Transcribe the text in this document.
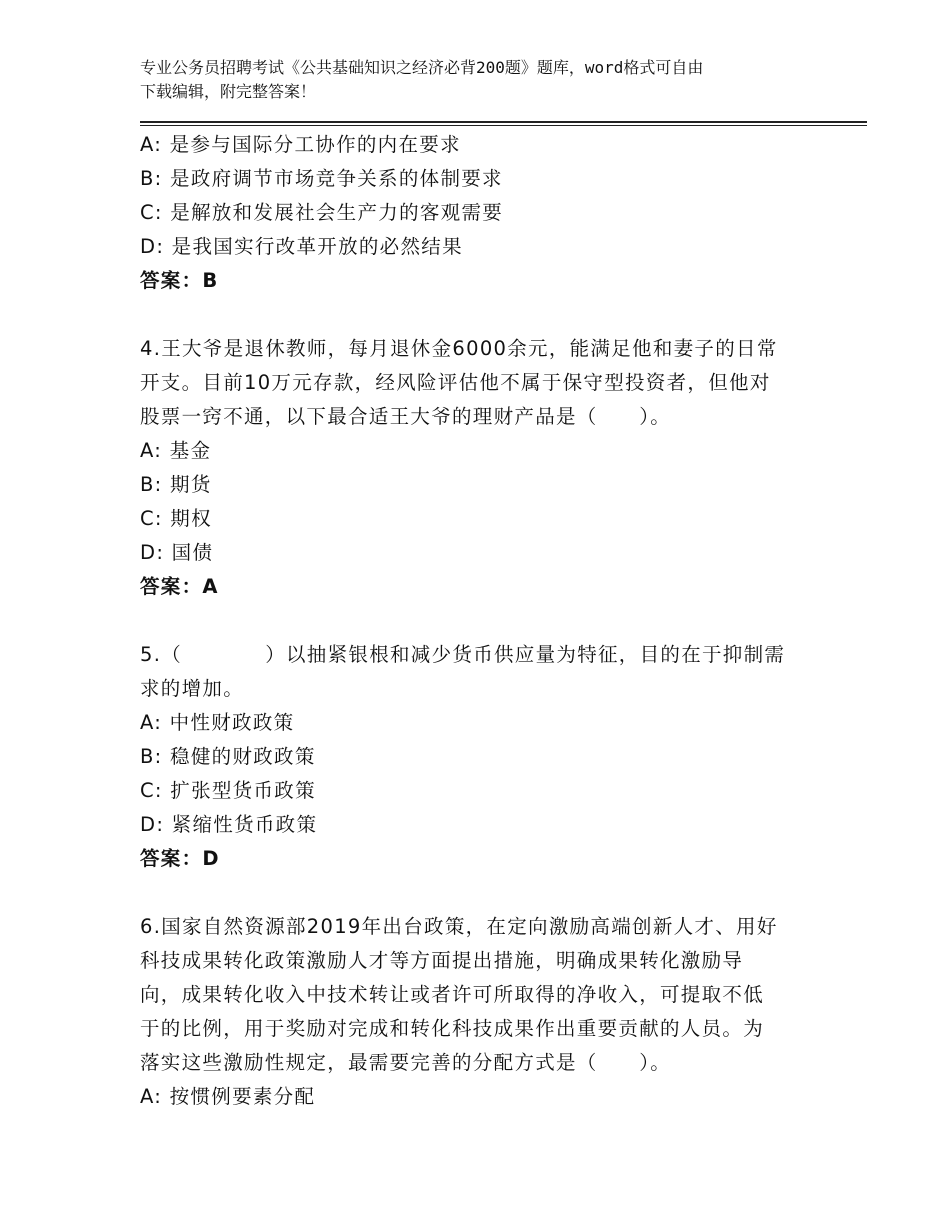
专业公务员招聘考试《公共基础知识之经济必背200题》题库，word格式可自由
下载编辑，附完整答案！
A: 是参与国际分工协作的内在要求
B: 是政府调节市场竞争关系的体制要求
C: 是解放和发展社会生产力的客观需要
D: 是我国实行改革开放的必然结果
答案：B
4.王大爷是退休教师，每月退休金6000余元，能满足他和妻子的日常
开支。目前10万元存款，经风险评估他不属于保守型投资者，但他对
股票一窍不通，以下最合适王大爷的理财产品是（　　）。
A: 基金
B: 期货
C: 期权
D: 国债
答案：A
5.（　　　　）以抽紧银根和减少货币供应量为特征，目的在于抑制需
求的增加。
A: 中性财政政策
B: 稳健的财政政策
C: 扩张型货币政策
D: 紧缩性货币政策
答案：D
6.国家自然资源部2019年出台政策，在定向激励高端创新人才、用好
科技成果转化政策激励人才等方面提出措施，明确成果转化激励导
向，成果转化收入中技术转让或者许可所取得的净收入，可提取不低
于的比例，用于奖励对完成和转化科技成果作出重要贡献的人员。为
落实这些激励性规定，最需要完善的分配方式是（　　）。
A: 按惯例要素分配
